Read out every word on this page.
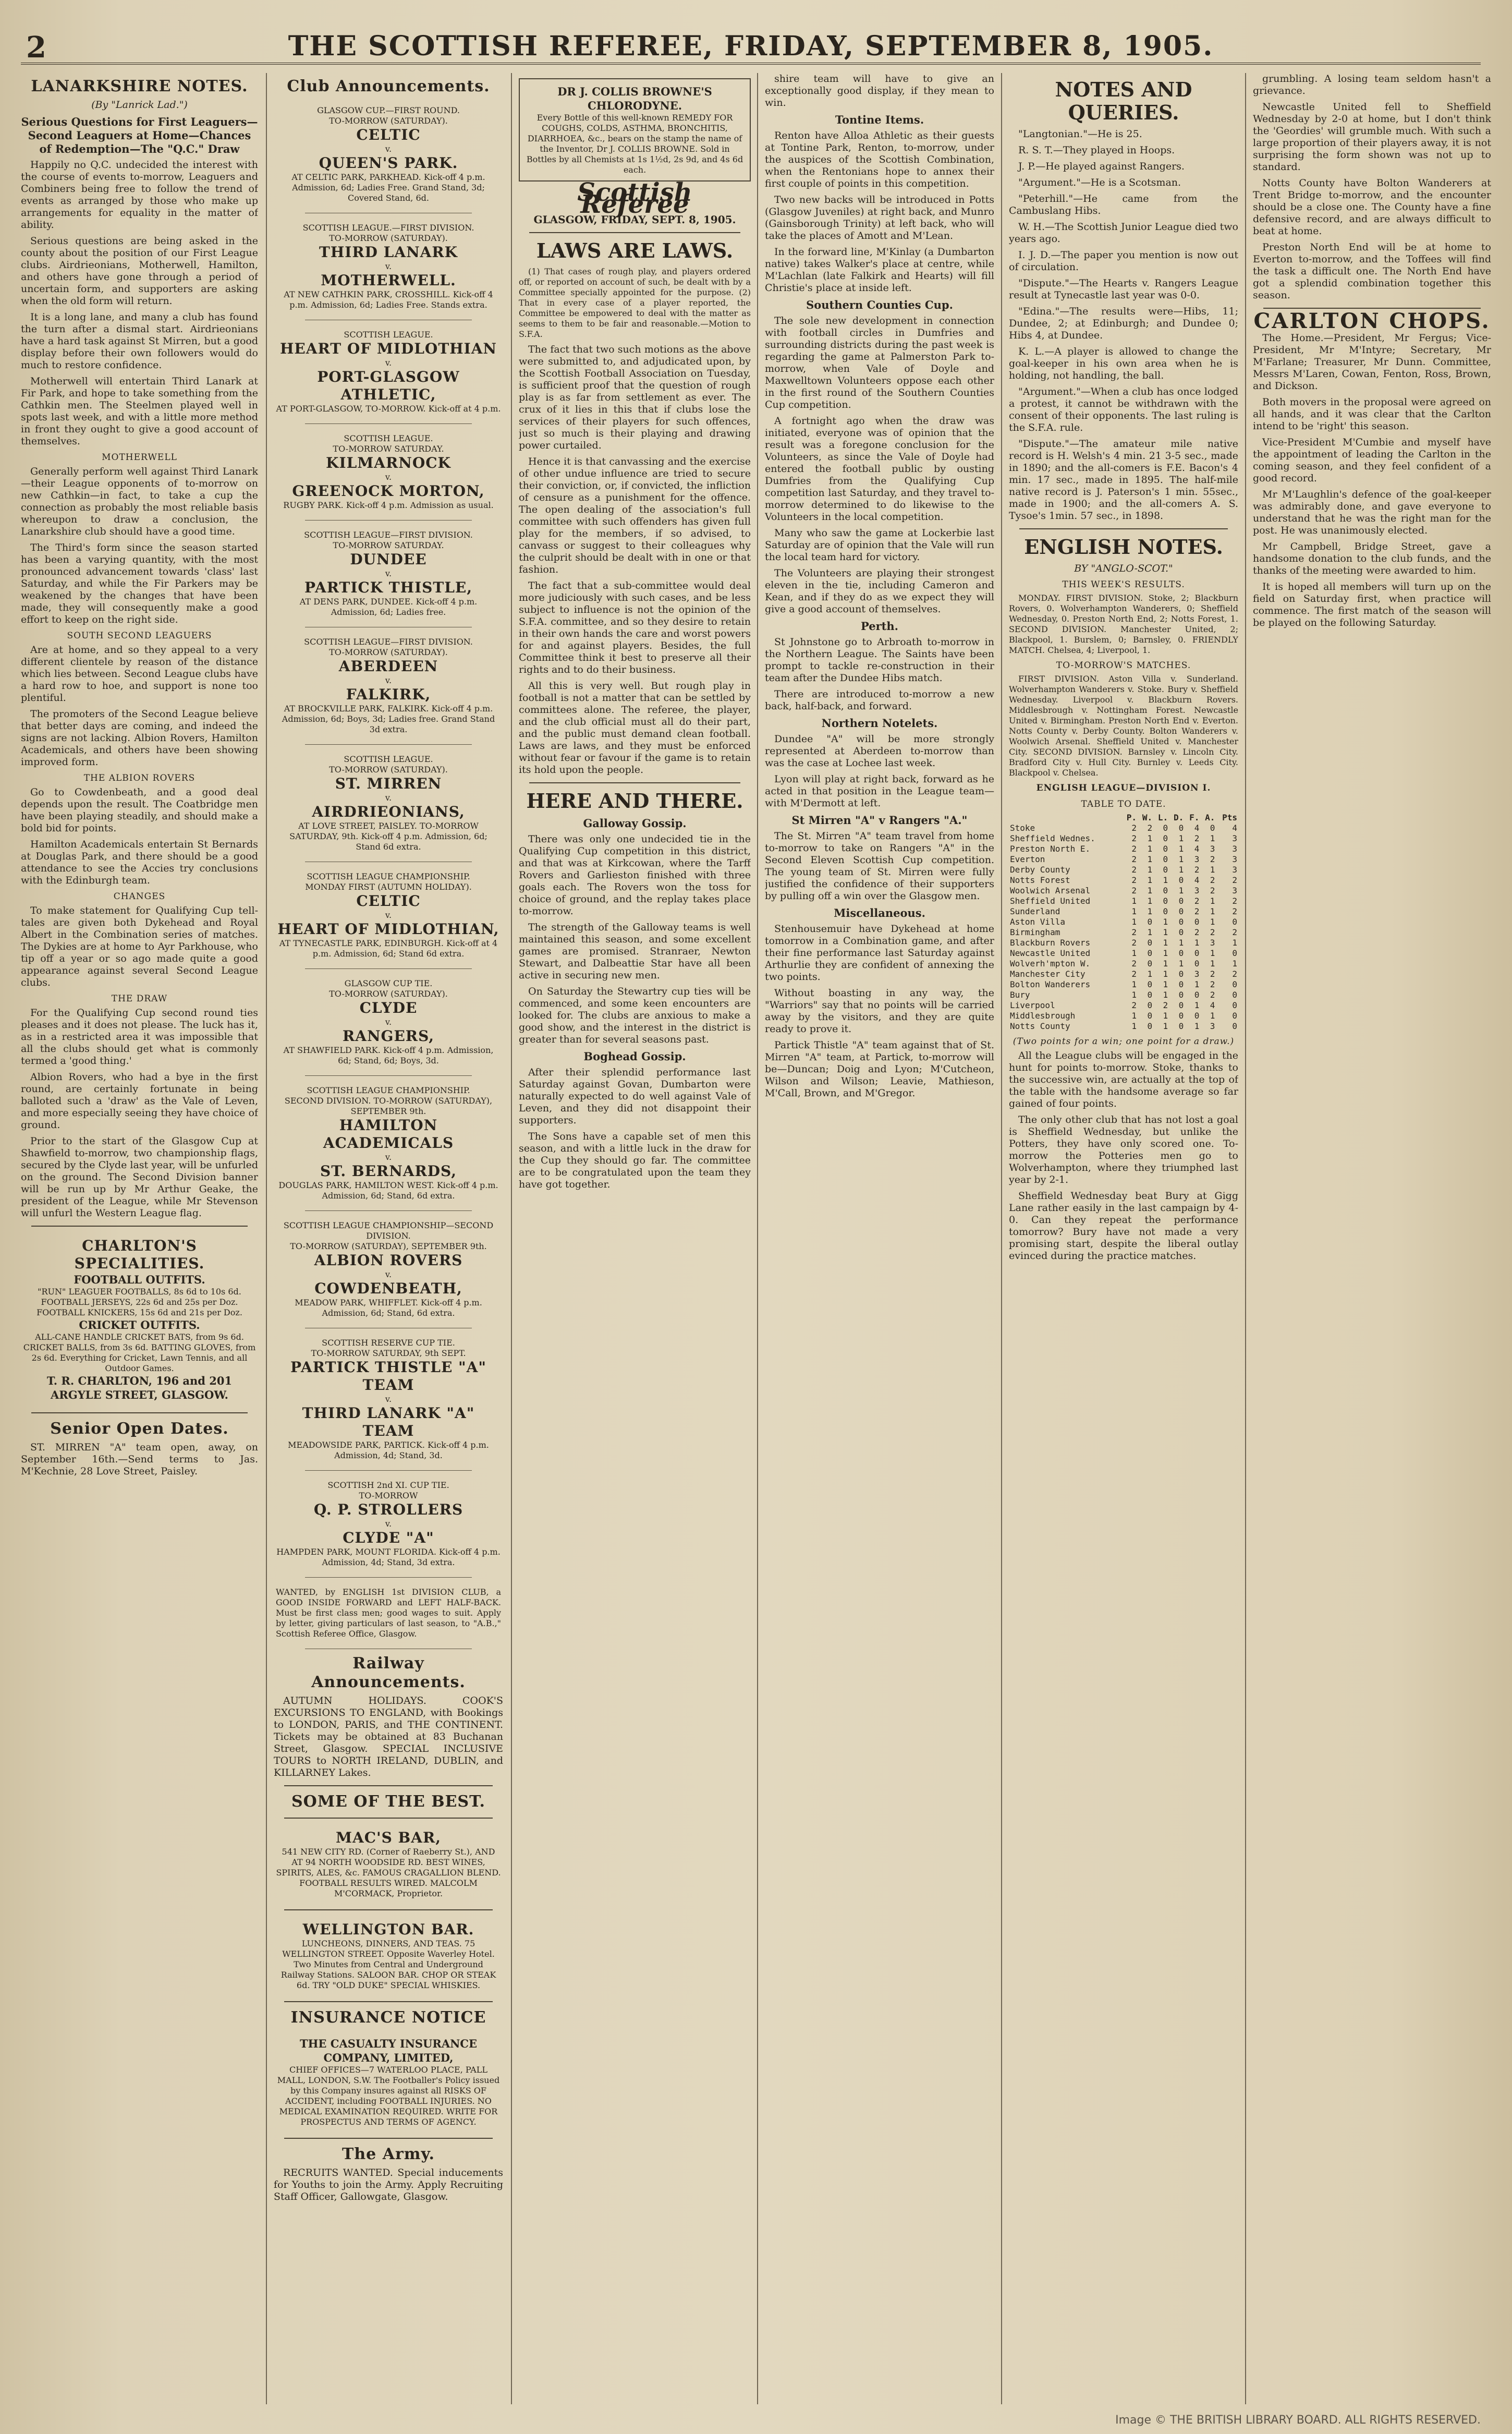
2	THE SCOTTISH REFEREE, FRIDAY, SEPTEMBER 8, 1905.
LANARKSHIRE NOTES.
(By "Lanrick Lad.")
Serious Questions for First Leaguers—Second Leaguers at Home—Chances of Redemption—The "Q.C." Draw

Happily no Q.C. undecided the interest with the course of events to-morrow, Leaguers and Combiners being free to follow the trend of events as arranged by those who make up arrangements for equality in the matter of ability.

Serious questions are being asked in the county about the position of our First League clubs. Airdrieonians, Motherwell, Hamilton, and others have gone through a period of uncertain form, and supporters are asking when the old form will return.

It is a long lane, and many a club has found the turn after a dismal start. Airdrieonians have a hard task against St Mirren, but a good display before their own followers would do much to restore confidence.

Motherwell will entertain Third Lanark at Fir Park, and hope to take something from the Cathkin men. The Steelmen played well in spots last week, and with a little more method in front they ought to give a good account of themselves.

MOTHERWELL

Generally perform well against Third Lanark —their League opponents of to-morrow on new Cathkin—in fact, to take a cup the connection as probably the most reliable basis whereupon to draw a conclusion, the Lanarkshire club should have a good time.

The Third's form since the season started has been a varying quantity, with the most pronounced advancement towards 'class' last Saturday, and while the Fir Parkers may be weakened by the changes that have been made, they will consequently make a good effort to keep on the right side.

SOUTH SECOND LEAGUERS

Are at home, and so they appeal to a very different clientele by reason of the distance which lies between. Second League clubs have a hard row to hoe, and support is none too plentiful.

The promoters of the Second League believe that better days are coming, and indeed the signs are not lacking. Albion Rovers, Hamilton Academicals, and others have been showing improved form.

THE ALBION ROVERS

Go to Cowdenbeath, and a good deal depends upon the result. The Coatbridge men have been playing steadily, and should make a bold bid for points.

Hamilton Academicals entertain St Bernards at Douglas Park, and there should be a good attendance to see the Accies try conclusions with the Edinburgh team.

CHANGES

To make statement for Qualifying Cup tell-tales are given both Dykehead and Royal Albert in the Combination series of matches. The Dykies are at home to Ayr Parkhouse, who tip off a year or so ago made quite a good appearance against several Second League clubs.

THE DRAW

For the Qualifying Cup second round ties pleases and it does not please. The luck has it, as in a restricted area it was impossible that all the clubs should get what is commonly termed a 'good thing.'

Albion Rovers, who had a bye in the first round, are certainly fortunate in being balloted such a 'draw' as the Vale of Leven, and more especially seeing they have choice of ground.

Prior to the start of the Glasgow Cup at Shawfield to-morrow, two championship flags, secured by the Clyde last year, will be unfurled on the ground. The Second Division banner will be run up by Mr Arthur Geake, the president of the League, while Mr Stevenson will unfurl the Western League flag.

CHARLTON'S SPECIALITIES.
FOOTBALL OUTFITS.
"RUN" LEAGUER FOOTBALLS, 8s 6d to 10s 6d. FOOTBALL JERSEYS, 22s 6d and 25s per Doz. FOOTBALL KNICKERS, 15s 6d and 21s per Doz.
CRICKET OUTFITS.
ALL-CANE HANDLE CRICKET BATS, from 9s 6d. CRICKET BALLS, from 3s 6d. BATTING GLOVES, from 2s 6d. Everything for Cricket, Lawn Tennis, and all Outdoor Games.
T. R. CHARLTON, 196 and 201 ARGYLE STREET, GLASGOW.
Senior Open Dates.

ST. MIRREN "A" team open, away, on September 16th.—Send terms to Jas. M'Kechnie, 28 Love Street, Paisley.

Club Announcements.
GLASGOW CUP.—FIRST ROUND.
TO-MORROW (SATURDAY).
CELTIC
v.
QUEEN'S PARK.
AT CELTIC PARK, PARKHEAD. Kick-off 4 p.m. Admission, 6d; Ladies Free. Grand Stand, 3d; Covered Stand, 6d.
SCOTTISH LEAGUE.—FIRST DIVISION.
TO-MORROW (SATURDAY).
THIRD LANARK
v.
MOTHERWELL.
AT NEW CATHKIN PARK, CROSSHILL. Kick-off 4 p.m. Admission, 6d; Ladies Free. Stands extra.
SCOTTISH LEAGUE.
HEART OF MIDLOTHIAN
v.
PORT-GLASGOW ATHLETIC,
AT PORT-GLASGOW, TO-MORROW. Kick-off at 4 p.m.
SCOTTISH LEAGUE.
TO-MORROW SATURDAY.
KILMARNOCK
v.
GREENOCK MORTON,
RUGBY PARK. Kick-off 4 p.m. Admission as usual.
SCOTTISH LEAGUE—FIRST DIVISION.
TO-MORROW SATURDAY.
DUNDEE
v.
PARTICK THISTLE,
AT DENS PARK, DUNDEE. Kick-off 4 p.m. Admission, 6d; Ladies free.
SCOTTISH LEAGUE—FIRST DIVISION.
TO-MORROW (SATURDAY).
ABERDEEN
v.
FALKIRK,
AT BROCKVILLE PARK, FALKIRK. Kick-off 4 p.m. Admission, 6d; Boys, 3d; Ladies free. Grand Stand 3d extra.
SCOTTISH LEAGUE.
TO-MORROW (SATURDAY).
ST. MIRREN
v.
AIRDRIEONIANS,
AT LOVE STREET, PAISLEY. TO-MORROW SATURDAY, 9th. Kick-off 4 p.m. Admission, 6d; Stand 6d extra.
SCOTTISH LEAGUE CHAMPIONSHIP.
MONDAY FIRST (AUTUMN HOLIDAY).
CELTIC
v.
HEART OF MIDLOTHIAN,
AT TYNECASTLE PARK, EDINBURGH. Kick-off at 4 p.m. Admission, 6d; Stand 6d extra.
GLASGOW CUP TIE.
TO-MORROW (SATURDAY).
CLYDE
v.
RANGERS,
AT SHAWFIELD PARK. Kick-off 4 p.m. Admission, 6d; Stand, 6d; Boys, 3d.
SCOTTISH LEAGUE CHAMPIONSHIP.
SECOND DIVISION. TO-MORROW (SATURDAY), SEPTEMBER 9th.
HAMILTON ACADEMICALS
v.
ST. BERNARDS,
DOUGLAS PARK, HAMILTON WEST. Kick-off 4 p.m. Admission, 6d; Stand, 6d extra.
SCOTTISH LEAGUE CHAMPIONSHIP—SECOND DIVISION.
TO-MORROW (SATURDAY), SEPTEMBER 9th.
ALBION ROVERS
v.
COWDENBEATH,
MEADOW PARK, WHIFFLET. Kick-off 4 p.m. Admission, 6d; Stand, 6d extra.
SCOTTISH RESERVE CUP TIE.
TO-MORROW SATURDAY, 9th SEPT.
PARTICK THISTLE "A" TEAM
v.
THIRD LANARK "A" TEAM
MEADOWSIDE PARK, PARTICK. Kick-off 4 p.m. Admission, 4d; Stand, 3d.
SCOTTISH 2nd XI. CUP TIE.
TO-MORROW
Q. P. STROLLERS
v.
CLYDE "A"
HAMPDEN PARK, MOUNT FLORIDA. Kick-off 4 p.m. Admission, 4d; Stand, 3d extra.
WANTED, by ENGLISH 1st DIVISION CLUB, a GOOD INSIDE FORWARD and LEFT HALF-BACK. Must be first class men; good wages to suit. Apply by letter, giving particulars of last season, to "A.B.," Scottish Referee Office, Glasgow.
Railway Announcements.

AUTUMN HOLIDAYS. COOK'S EXCURSIONS TO ENGLAND, with Bookings to LONDON, PARIS, and THE CONTINENT. Tickets may be obtained at 83 Buchanan Street, Glasgow. SPECIAL INCLUSIVE TOURS to NORTH IRELAND, DUBLIN, and KILLARNEY Lakes.

SOME OF THE BEST.
MAC'S BAR,
541 NEW CITY RD. (Corner of Raeberry St.), AND AT 94 NORTH WOODSIDE RD. BEST WINES, SPIRITS, ALES, &c. FAMOUS CRAGALLION BLEND. FOOTBALL RESULTS WIRED. MALCOLM M'CORMACK, Proprietor.
WELLINGTON BAR.
LUNCHEONS, DINNERS, AND TEAS. 75 WELLINGTON STREET. Opposite Waverley Hotel. Two Minutes from Central and Underground Railway Stations. SALOON BAR. CHOP OR STEAK 6d. TRY "OLD DUKE" SPECIAL WHISKIES.
INSURANCE NOTICE
THE CASUALTY INSURANCE COMPANY, LIMITED,
CHIEF OFFICES—7 WATERLOO PLACE, PALL MALL, LONDON, S.W. The Footballer's Policy issued by this Company insures against all RISKS OF ACCIDENT, including FOOTBALL INJURIES. NO MEDICAL EXAMINATION REQUIRED. WRITE FOR PROSPECTUS AND TERMS OF AGENCY.
The Army.

RECRUITS WANTED. Special inducements for Youths to join the Army. Apply Recruiting Staff Officer, Gallowgate, Glasgow.

DR J. COLLIS BROWNE'S CHLORODYNE.
Every Bottle of this well-known REMEDY FOR COUGHS, COLDS, ASTHMA, BRONCHITIS, DIARRHOEA, &c., bears on the stamp the name of the Inventor, Dr J. COLLIS BROWNE. Sold in Bottles by all Chemists at 1s 1½d, 2s 9d, and 4s 6d each.
Scottish Referee
GLASGOW, FRIDAY, SEPT. 8, 1905.
LAWS ARE LAWS.

(1) That cases of rough play, and players ordered off, or reported on account of such, be dealt with by a Committee specially appointed for the purpose. (2) That in every case of a player reported, the Committee be empowered to deal with the matter as seems to them to be fair and reasonable.—Motion to S.F.A.

The fact that two such motions as the above were submitted to, and adjudicated upon, by the Scottish Football Association on Tuesday, is sufficient proof that the question of rough play is as far from settlement as ever. The crux of it lies in this that if clubs lose the services of their players for such offences, just so much is their playing and drawing power curtailed.

Hence it is that canvassing and the exercise of other undue influence are tried to secure their conviction, or, if convicted, the infliction of censure as a punishment for the offence. The open dealing of the association's full committee with such offenders has given full play for the members, if so advised, to canvass or suggest to their colleagues why the culprit should be dealt with in one or that fashion.

The fact that a sub-committee would deal more judiciously with such cases, and be less subject to influence is not the opinion of the S.F.A. committee, and so they desire to retain in their own hands the care and worst powers for and against players. Besides, the full Committee think it best to preserve all their rights and to do their business.

All this is very well. But rough play in football is not a matter that can be settled by committees alone. The referee, the player, and the club official must all do their part, and the public must demand clean football. Laws are laws, and they must be enforced without fear or favour if the game is to retain its hold upon the people.

HERE AND THERE.
Galloway Gossip.

There was only one undecided tie in the Qualifying Cup competition in this district, and that was at Kirkcowan, where the Tarff Rovers and Garlieston finished with three goals each. The Rovers won the toss for choice of ground, and the replay takes place to-morrow.

The strength of the Galloway teams is well maintained this season, and some excellent games are promised. Stranraer, Newton Stewart, and Dalbeattie Star have all been active in securing new men.

On Saturday the Stewartry cup ties will be commenced, and some keen encounters are looked for. The clubs are anxious to make a good show, and the interest in the district is greater than for several seasons past.

Boghead Gossip.

After their splendid performance last Saturday against Govan, Dumbarton were naturally expected to do well against Vale of Leven, and they did not disappoint their supporters.

The Sons have a capable set of men this season, and with a little luck in the draw for the Cup they should go far. The committee are to be congratulated upon the team they have got together.

shire team will have to give an exceptionally good display, if they mean to win.

Tontine Items.

Renton have Alloa Athletic as their guests at Tontine Park, Renton, to-morrow, under the auspices of the Scottish Combination, when the Rentonians hope to annex their first couple of points in this competition.

Two new backs will be introduced in Potts (Glasgow Juveniles) at right back, and Munro (Gainsborough Trinity) at left back, who will take the places of Amott and M'Lean.

In the forward line, M'Kinlay (a Dumbarton native) takes Walker's place at centre, while M'Lachlan (late Falkirk and Hearts) will fill Christie's place at inside left.

Southern Counties Cup.

The sole new development in connection with football circles in Dumfries and surrounding districts during the past week is regarding the game at Palmerston Park to-morrow, when Vale of Doyle and Maxwelltown Volunteers oppose each other in the first round of the Southern Counties Cup competition.

A fortnight ago when the draw was initiated, everyone was of opinion that the result was a foregone conclusion for the Volunteers, as since the Vale of Doyle had entered the football public by ousting Dumfries from the Qualifying Cup competition last Saturday, and they travel to-morrow determined to do likewise to the Volunteers in the local competition.

Many who saw the game at Lockerbie last Saturday are of opinion that the Vale will run the local team hard for victory.

The Volunteers are playing their strongest eleven in the tie, including Cameron and Kean, and if they do as we expect they will give a good account of themselves.

Perth.

St Johnstone go to Arbroath to-morrow in the Northern League. The Saints have been prompt to tackle re-construction in their team after the Dundee Hibs match.

There are introduced to-morrow a new back, half-back, and forward.

Northern Notelets.

Dundee "A" will be more strongly represented at Aberdeen to-morrow than was the case at Lochee last week.

Lyon will play at right back, forward as he acted in that position in the League team—with M'Dermott at left.

St Mirren "A" v Rangers "A."

The St. Mirren "A" team travel from home to-morrow to take on Rangers "A" in the Second Eleven Scottish Cup competition. The young team of St. Mirren were fully justified the confidence of their supporters by pulling off a win over the Glasgow men.

Miscellaneous.

Stenhousemuir have Dykehead at home tomorrow in a Combination game, and after their fine performance last Saturday against Arthurlie they are confident of annexing the two points.

Without boasting in any way, the "Warriors" say that no points will be carried away by the visitors, and they are quite ready to prove it.

Partick Thistle "A" team against that of St. Mirren "A" team, at Partick, to-morrow will be—Duncan; Doig and Lyon; M'Cutcheon, Wilson and Wilson; Leavie, Mathieson, M'Call, Brown, and M'Gregor.

NOTES AND QUERIES.

"Langtonian."—He is 25.

R. S. T.—They played in Hoops.

J. P.—He played against Rangers.

"Argument."—He is a Scotsman.

"Peterhill."—He came from the Cambuslang Hibs.

W. H.—The Scottish Junior League died two years ago.

I. J. D.—The paper you mention is now out of circulation.

"Dispute."—The Hearts v. Rangers League result at Tynecastle last year was 0-0.

"Edina."—The results were—Hibs, 11; Dundee, 2; at Edinburgh; and Dundee 0; Hibs 4, at Dundee.

K. L.—A player is allowed to change the goal-keeper in his own area when he is holding, not handling, the ball.

"Argument."—When a club has once lodged a protest, it cannot be withdrawn with the consent of their opponents. The last ruling is the S.F.A. rule.

"Dispute."—The amateur mile native record is H. Welsh's 4 min. 21 3-5 sec., made in 1890; and the all-comers is F.E. Bacon's 4 min. 17 sec., made in 1895. The half-mile native record is J. Paterson's 1 min. 55sec., made in 1900; and the all-comers A. S. Tysoe's 1min. 57 sec., in 1898.

ENGLISH NOTES.
BY "ANGLO-SCOT."
THIS WEEK'S RESULTS.

MONDAY. FIRST DIVISION. Stoke, 2; Blackburn Rovers, 0. Wolverhampton Wanderers, 0; Sheffield Wednesday, 0. Preston North End, 2; Notts Forest, 1. SECOND DIVISION. Manchester United, 2; Blackpool, 1. Burslem, 0; Barnsley, 0. FRIENDLY MATCH. Chelsea, 4; Liverpool, 1.

TO-MORROW'S MATCHES.

FIRST DIVISION. Aston Villa v. Sunderland. Wolverhampton Wanderers v. Stoke. Bury v. Sheffield Wednesday. Liverpool v. Blackburn Rovers. Middlesbrough v. Nottingham Forest. Newcastle United v. Birmingham. Preston North End v. Everton. Notts County v. Derby County. Bolton Wanderers v. Woolwich Arsenal. Sheffield United v. Manchester City. SECOND DIVISION. Barnsley v. Lincoln City. Bradford City v. Hull City. Burnley v. Leeds City. Blackpool v. Chelsea.

ENGLISH LEAGUE—DIVISION I.
TABLE TO DATE.
	P.	W.	L.	D.	F.	A.	Pts
Stoke	2	2	0	0	4	0	4
Sheffield Wednes.	2	1	0	1	2	1	3
Preston North E.	2	1	0	1	4	3	3
Everton	2	1	0	1	3	2	3
Derby County	2	1	0	1	2	1	3
Notts Forest	2	1	1	0	4	2	2
Woolwich Arsenal	2	1	0	1	3	2	3
Sheffield United	1	1	0	0	2	1	2
Sunderland	1	1	0	0	2	1	2
Aston Villa	1	0	1	0	0	1	0
Birmingham	2	1	1	0	2	2	2
Blackburn Rovers	2	0	1	1	1	3	1
Newcastle United	1	0	1	0	0	1	0
Wolverh'mpton W.	2	0	1	1	0	1	1
Manchester City	2	1	1	0	3	2	2
Bolton Wanderers	1	0	1	0	1	2	0
Bury	1	0	1	0	0	2	0
Liverpool	2	0	2	0	1	4	0
Middlesbrough	1	0	1	0	0	1	0
Notts County	1	0	1	0	1	3	0
(Two points for a win; one point for a draw.)

All the League clubs will be engaged in the hunt for points to-morrow. Stoke, thanks to the successive win, are actually at the top of the table with the handsome average so far gained of four points.

The only other club that has not lost a goal is Sheffield Wednesday, but unlike the Potters, they have only scored one. To-morrow the Potteries men go to Wolverhampton, where they triumphed last year by 2-1.

Sheffield Wednesday beat Bury at Gigg Lane rather easily in the last campaign by 4-0. Can they repeat the performance tomorrow? Bury have not made a very promising start, despite the liberal outlay evinced during the practice matches.

grumbling. A losing team seldom hasn't a grievance.

Newcastle United fell to Sheffield Wednesday by 2-0 at home, but I don't think the 'Geordies' will grumble much. With such a large proportion of their players away, it is not surprising the form shown was not up to standard.

Notts County have Bolton Wanderers at Trent Bridge to-morrow, and the encounter should be a close one. The County have a fine defensive record, and are always difficult to beat at home.

Preston North End will be at home to Everton to-morrow, and the Toffees will find the task a difficult one. The North End have got a splendid combination together this season.

CARLTON CHOPS.

The Home.—President, Mr Fergus; Vice-President, Mr M'Intyre; Secretary, Mr M'Farlane; Treasurer, Mr Dunn. Committee, Messrs M'Laren, Cowan, Fenton, Ross, Brown, and Dickson.

Both movers in the proposal were agreed on all hands, and it was clear that the Carlton intend to be 'right' this season.

Vice-President M'Cumbie and myself have the appointment of leading the Carlton in the coming season, and they feel confident of a good record.

Mr M'Laughlin's defence of the goal-keeper was admirably done, and gave everyone to understand that he was the right man for the post. He was unanimously elected.

Mr Campbell, Bridge Street, gave a handsome donation to the club funds, and the thanks of the meeting were awarded to him.

It is hoped all members will turn up on the field on Saturday first, when practice will commence. The first match of the season will be played on the following Saturday.

Image © THE BRITISH LIBRARY BOARD. ALL RIGHTS RESERVED.
